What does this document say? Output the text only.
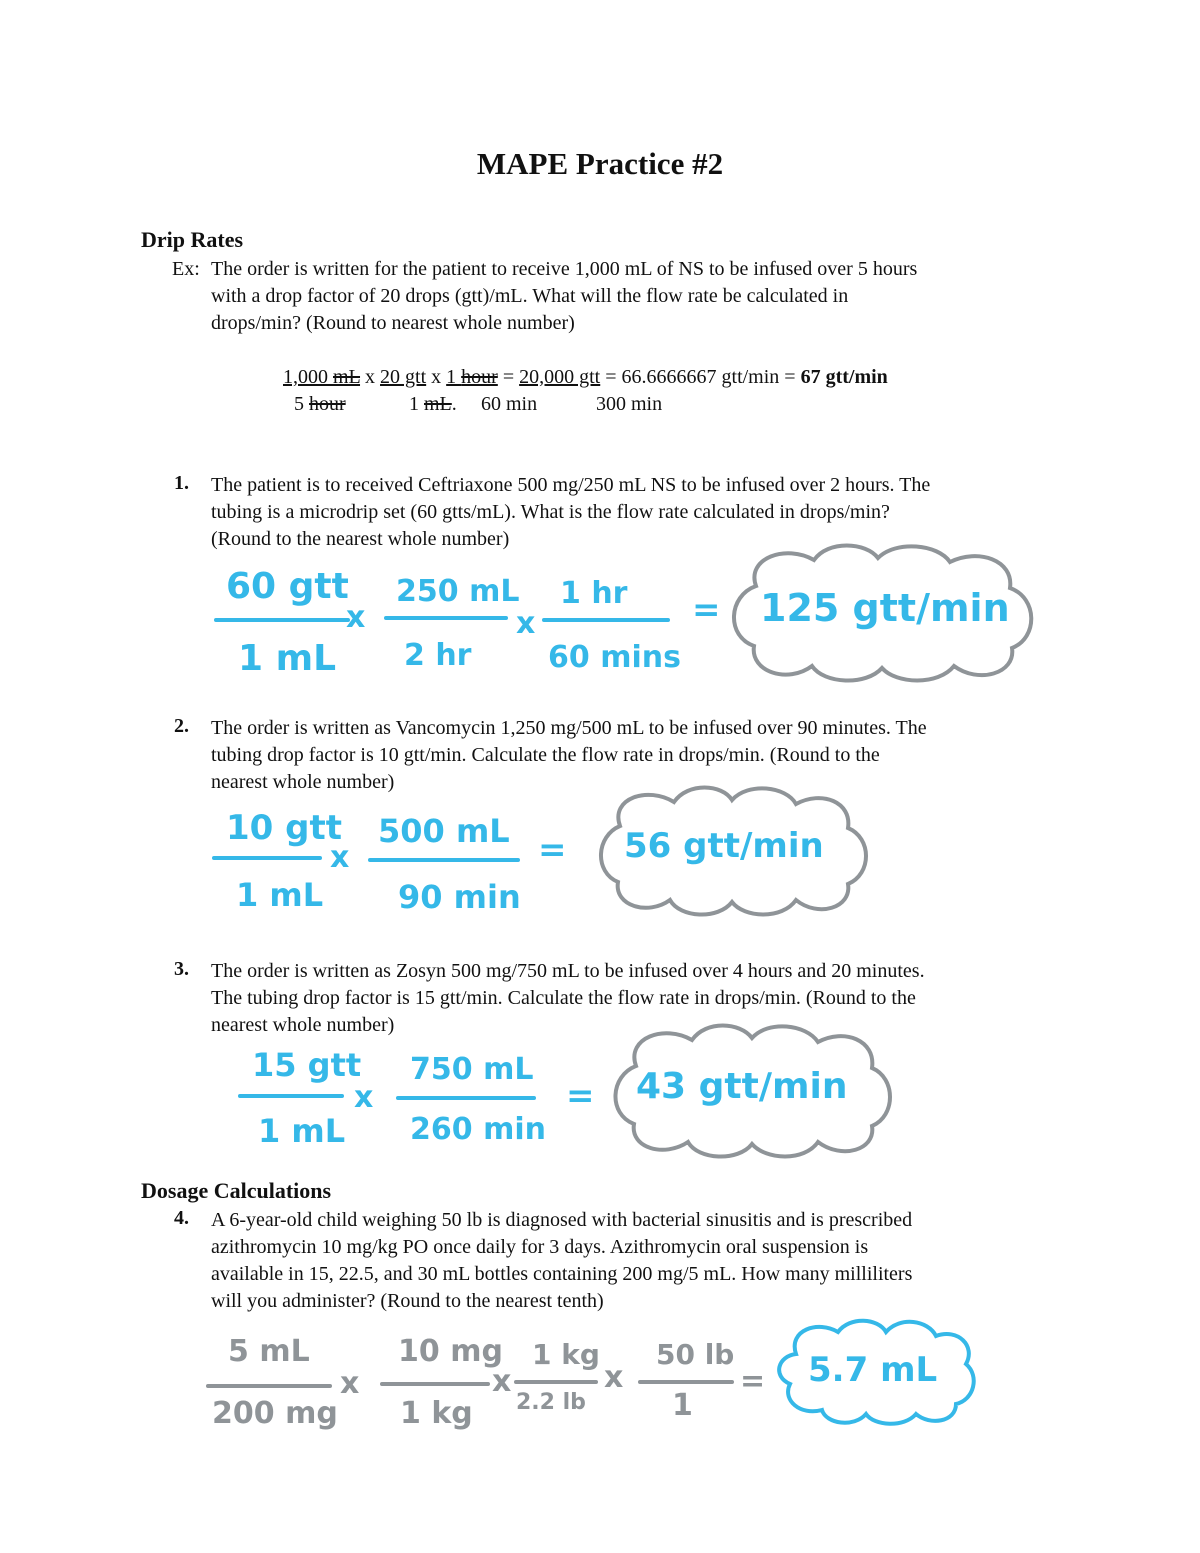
MAPE Practice #2
Drip Rates
Ex: The order is written for the patient to receive 1,000 mL of NS to be infused over 5 hours
with a drop factor of 20 drops (gtt)/mL. What will the flow rate be calculated in
drops/min? (Round to nearest whole number)
1,000 mL x 20 gtt x 1 hour = 20,000 gtt = 66.6666667 gtt/min = 67 gtt/min
5 hour	1 mL. 60 min	300 min
1. The patient is to received Ceftriaxone 500 mg/250 mL NS to be infused over 2 hours. The
tubing is a microdrip set (60 gtts/mL). What is the flow rate calculated in drops/min?
(Round to the nearest whole number)
60 gtt
1 mL
x
250 mL
2 hr
x
1 hr
60 mins
= 125 gtt/min
2. The order is written as Vancomycin 1,250 mg/500 mL to be infused over 90 minutes. The
tubing drop factor is 10 gtt/min. Calculate the flow rate in drops/min. (Round to the
nearest whole number)
10 gtt
1 mL
x
500 mL
90 min
= 56 gtt/min
3. The order is written as Zosyn 500 mg/750 mL to be infused over 4 hours and 20 minutes.
The tubing drop factor is 15 gtt/min. Calculate the flow rate in drops/min. (Round to the
nearest whole number)
15 gtt
1 mL
x
750 mL
260 min
= 43 gtt/min
Dosage Calculations
4. A 6-year-old child weighing 50 lb is diagnosed with bacterial sinusitis and is prescribed
azithromycin 10 mg/kg PO once daily for 3 days. Azithromycin oral suspension is
available in 15, 22.5, and 30 mL bottles containing 200 mg/5 mL. How many milliliters
will you administer? (Round to the nearest tenth)
5 mL
200 mg
x
10 mg
1 kg
x
1 kg
2.2 lb
x
50 lb
1
= 5.7 mL
